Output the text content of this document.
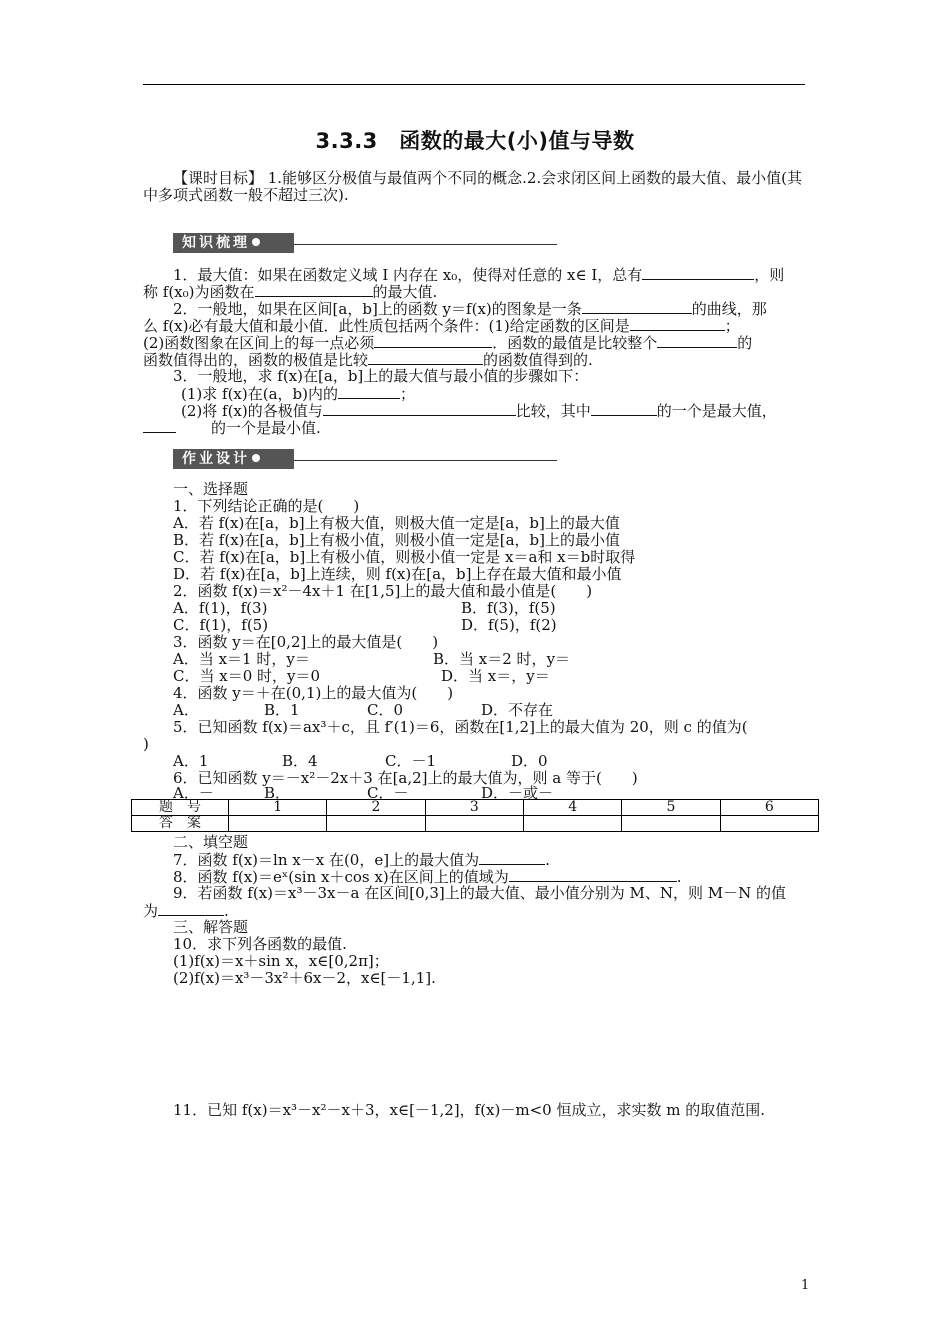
3.3.3　函数的最大(小)值与导数
【课时目标】 1.能够区分极值与最值两个不同的概念.2.会求闭区间上函数的最大值、最小值(其中多项式函数一般不超过三次).
知识梳理
1．最大值：如果在函数定义域 I 内存在 x₀，使得对任意的 x∈ I，总有	，则
称 f(x₀)为函数在	的最大值.
2．一般地，如果在区间[a，b]上的函数 y＝f(x)的图象是一条	的曲线，那
么 f(x)必有最大值和最小值．此性质包括两个条件：(1)给定函数的区间是	；
(2)函数图象在区间上的每一点必须	．函数的最值是比较整个	的
函数值得出的，函数的极值是比较	的函数值得到的.
3．一般地，求 f(x)在[a，b]上的最大值与最小值的步骤如下：
(1)求 f(x)在(a，b)内的	；
(2)将 f(x)的各极值与	比较，其中	的一个是最大值，
的一个是最小值.
作业设计
一、选择题
1．下列结论正确的是(　　)
A．若 f(x)在[a，b]上有极大值，则极大值一定是[a，b]上的最大值
B．若 f(x)在[a，b]上有极小值，则极小值一定是[a，b]上的最小值
C．若 f(x)在[a，b]上有极小值，则极小值一定是 x＝a和 x＝b时取得
D．若 f(x)在[a，b]上连续，则 f(x)在[a，b]上存在最大值和最小值
2．函数 f(x)＝x²－4x＋1 在[1,5]上的最大值和最小值是(　　)
A．f(1)，f(3)	B．f(3)，f(5)
C．f(1)，f(5)	D．f(5)，f(2)
3．函数 y＝在[0,2]上的最大值是(　　)
A．当 x＝1 时，y＝	B．当 x＝2 时，y＝
C．当 x＝0 时，y＝0	D．当 x＝，y＝
4．函数 y＝＋在(0,1)上的最大值为(　　)
A．	B．1	C．0	D．不存在
5．已知函数 f(x)＝ax³＋c，且 f′(1)＝6，函数在[1,2]上的最大值为 20，则 c 的值为(
)
A．1	B．4	C．－1	D．0
6．已知函数 y＝－x²－2x＋3 在[a,2]上的最大值为，则 a 等于(　　)
A．－	B．	C．－	D．－或－
题　号	1	2	3	4	5	6
答　案						
二、填空题
7．函数 f(x)＝ln x－x 在(0，e]上的最大值为	.
8．函数 f(x)＝eˣ(sin x＋cos x)在区间上的值域为	.
9．若函数 f(x)＝x³－3x－a 在区间[0,3]上的最大值、最小值分别为 M、N，则 M－N 的值
为	.
三、解答题
10．求下列各函数的最值.
(1)f(x)＝x＋sin x，x∈[0,2π]；
(2)f(x)＝x³－3x²＋6x－2，x∈[－1,1].
11．已知 f(x)＝x³－x²－x＋3，x∈[－1,2]，f(x)－m<0 恒成立，求实数 m 的取值范围.
1
